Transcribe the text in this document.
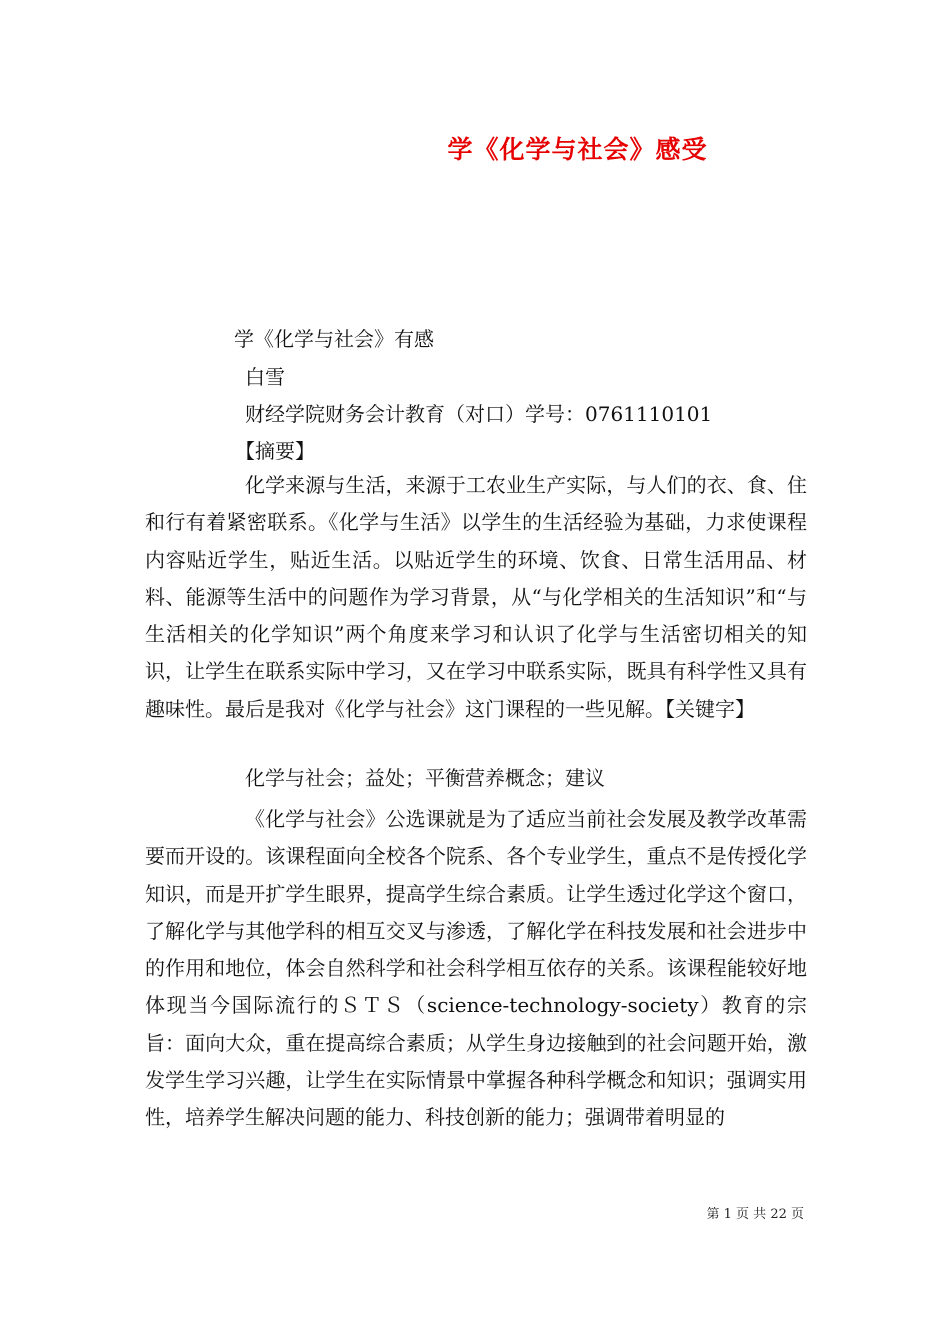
学《化学与社会》感受

学《化学与社会》有感

白雪

财经学院财务会计教育（对口）学号：0761110101

【摘要】

化学来源与生活，来源于工农业生产实际，与人们的衣、食、住和行有着紧密联系。《化学与生活》以学生的生活经验为基础，力求使课程内容贴近学生，贴近生活。以贴近学生的环境、饮食、日常生活用品、材料、能源等生活中的问题作为学习背景，从“与化学相关的生活知识”和“与生活相关的化学知识”两个角度来学习和认识了化学与生活密切相关的知识，让学生在联系实际中学习，又在学习中联系实际，既具有科学性又具有趣味性。最后是我对《化学与社会》这门课程的一些见解。【关键字】

化学与社会；益处；平衡营养概念；建议

《化学与社会》公选课就是为了适应当前社会发展及教学改革需要而开设的。该课程面向全校各个院系、各个专业学生，重点不是传授化学知识，而是开扩学生眼界，提高学生综合素质。让学生透过化学这个窗口，了解化学与其他学科的相互交叉与渗透，了解化学在科技发展和社会进步中的作用和地位，体会自然科学和社会科学相互依存的关系。该课程能较好地体现当今国际流行的ＳＴＳ（science-technology-society）教育的宗旨：面向大众，重在提高综合素质；从学生身边接触到的社会问题开始，激发学生学习兴趣，让学生在实际情景中掌握各种科学概念和知识；强调实用性，培养学生解决问题的能力、科技创新的能力；强调带着明显的

第 1 页 共 22 页
